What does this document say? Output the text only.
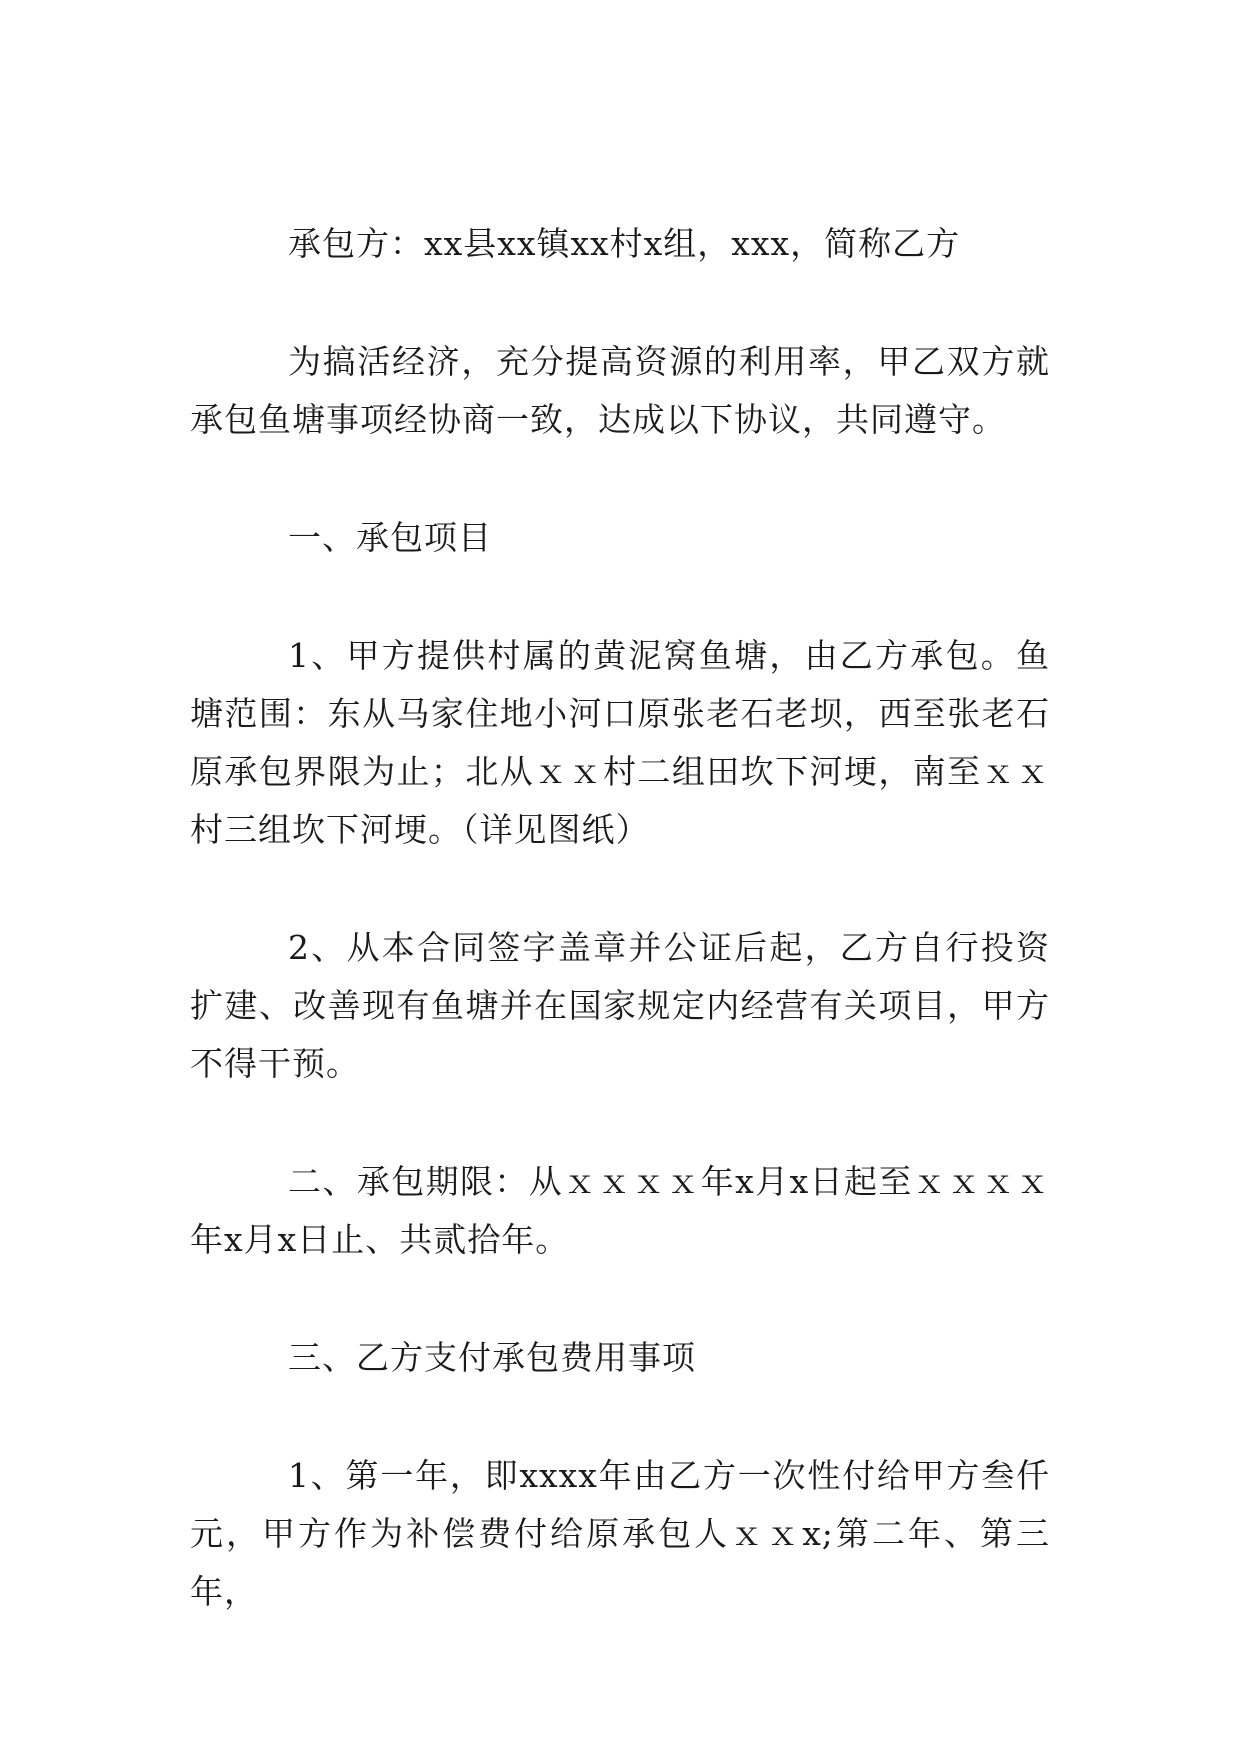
承包方：xx县xx镇xx村x组，xxx，简称乙方

为搞活经济，充分提高资源的利用率，甲乙双方就承包鱼塘事项经协商一致，达成以下协议，共同遵守。

一、承包项目

1、甲方提供村属的黄泥窝鱼塘，由乙方承包。鱼塘范围：东从马家住地小河口原张老石老坝，西至张老石原承包界限为止；北从ｘｘ村二组田坎下河埂，南至ｘｘ村三组坎下河埂。（详见图纸）

2、从本合同签字盖章并公证后起，乙方自行投资扩建、改善现有鱼塘并在国家规定内经营有关项目，甲方不得干预。

二、承包期限：从ｘｘｘｘ年x月x日起至ｘｘｘｘ年x月x日止、共贰拾年。

三、乙方支付承包费用事项

1、第一年，即xxxx年由乙方一次性付给甲方叁仟元，甲方作为补偿费付给原承包人ｘｘx;第二年、第三年，
